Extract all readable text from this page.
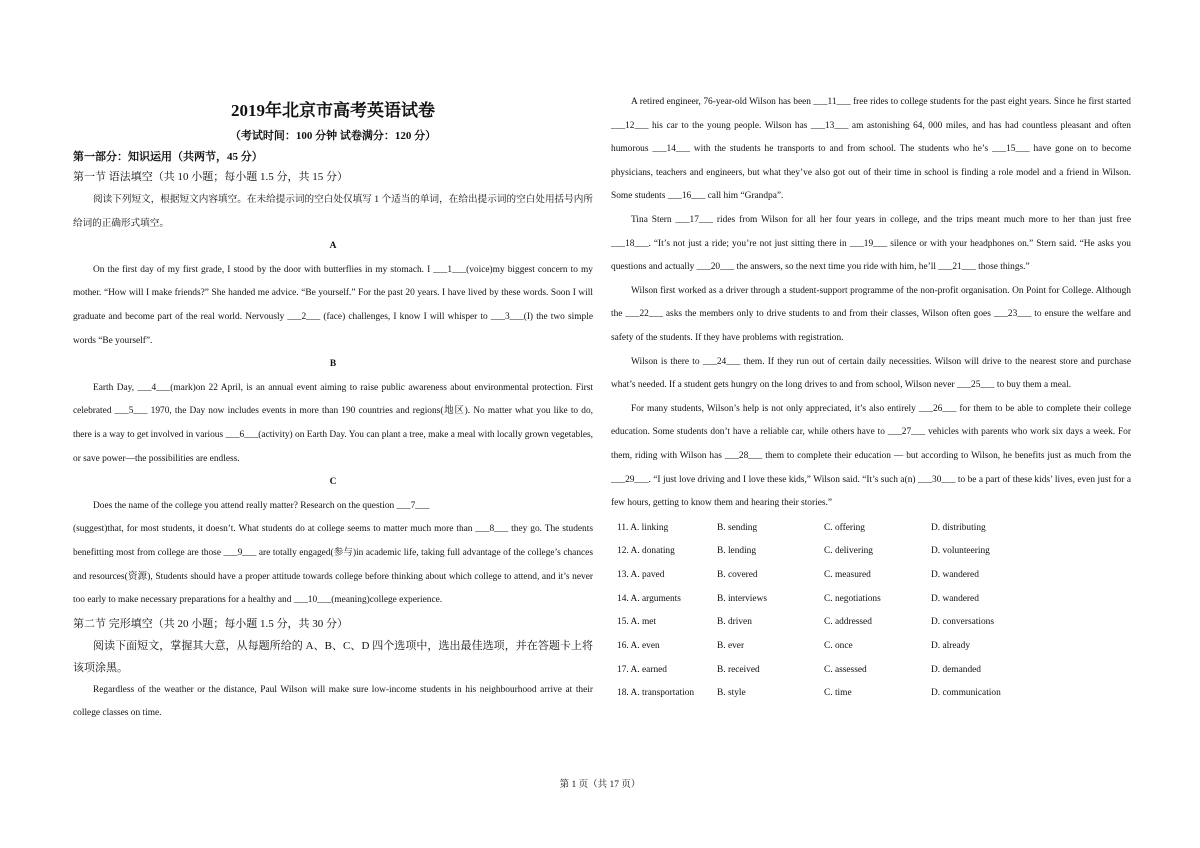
2019年北京市高考英语试卷
（考试时间：100 分钟 试卷满分：120 分）
第一部分：知识运用（共两节，45 分）
第一节 语法填空（共 10 小题；每小题 1.5 分，共 15 分）

阅读下列短文，根据短文内容填空。在未给提示词的空白处仅填写 1 个适当的单词，在给出提示词的空白处用括号内所给词的正确形式填空。

A

On the first day of my first grade, I stood by the door with butterflies in my stomach. I ___1___(voice)my biggest concern to my mother. “How will I make friends?” She handed me advice. “Be yourself.” For the past 20 years. I have lived by these words. Soon I will graduate and become part of the real world. Nervously ___2___ (face) challenges, I know I will whisper to ___3___(I) the two simple words “Be yourself”.

B

Earth Day, ___4___(mark)on 22 April, is an annual event aiming to raise public awareness about environmental protection. First celebrated ___5___ 1970, the Day now includes events in more than 190 countries and regions(地区). No matter what you like to do, there is a way to get involved in various ___6___(activity) on Earth Day. You can plant a tree, make a meal with locally grown vegetables, or save power—the possibilities are endless.

C

Does the name of the college you attend really matter? Research on the question ___7___

(suggest)that, for most students, it doesn’t. What students do at college seems to matter much more than ___8___ they go. The students benefitting most from college are those ___9___ are totally engaged(参与)in academic life, taking full advantage of the college’s chances and resources(资源), Students should have a proper attitude towards college before thinking about which college to attend, and it’s never too early to make necessary preparations for a healthy and ___10___(meaning)college experience.

第二节 完形填空（共 20 小题；每小题 1.5 分，共 30 分）

阅读下面短文，掌握其大意，从每题所给的 A、B、C、D 四个选项中，选出最佳选项，并在答题卡上将该项涂黑。

Regardless of the weather or the distance, Paul Wilson will make sure low-income students in his neighbourhood arrive at their college classes on time.

A retired engineer, 76-year-old Wilson has been ___11___ free rides to college students for the past eight years. Since he first started ___12___ his car to the young people. Wilson has ___13___ am astonishing 64, 000 miles, and has had countless pleasant and often humorous ___14___ with the students he transports to and from school. The students who he’s ___15___ have gone on to become physicians, teachers and engineers, but what they’ve also got out of their time in school is finding a role model and a friend in Wilson. Some students ___16___ call him “Grandpa”.

Tina Stern ___17___ rides from Wilson for all her four years in college, and the trips meant much more to her than just free ___18___. “It’s not just a ride; you’re not just sitting there in ___19___ silence or with your headphones on.” Stern said. “He asks you questions and actually ___20___ the answers, so the next time you ride with him, he’ll ___21___ those things.”

Wilson first worked as a driver through a student-support programme of the non-profit organisation. On Point for College. Although the ___22___ asks the members only to drive students to and from their classes, Wilson often goes ___23___ to ensure the welfare and safety of the students. If they have problems with registration.

Wilson is there to ___24___ them. If they run out of certain daily necessities. Wilson will drive to the nearest store and purchase what’s needed. If a student gets hungry on the long drives to and from school, Wilson never ___25___ to buy them a meal.

For many students, Wilson’s help is not only appreciated, it’s also entirely ___26___ for them to be able to complete their college education. Some students don’t have a reliable car, while others have to ___27___ vehicles with parents who work six days a week. For them, riding with Wilson has ___28___ them to complete their education — but according to Wilson, he benefits just as much from the ___29___. “I just love driving and I love these kids,” Wilson said. “It’s such a(n) ___30___ to be a part of these kids’ lives, even just for a few hours, getting to know them and hearing their stories.”

11. A. linking	B. sending	C. offering	D. distributing
12. A. donating	B. lending	C. delivering	D. volunteering
13. A. paved	B. covered	C. measured	D. wandered
14. A. arguments	B. interviews	C. negotiations	D. wandered
15. A. met	B. driven	C. addressed	D. conversations
16. A. even	B. ever	C. once	D. already
17. A. earned	B. received	C. assessed	D. demanded
18. A. transportation	B. style	C. time	D. communication
第 1 页（共 17 页）
